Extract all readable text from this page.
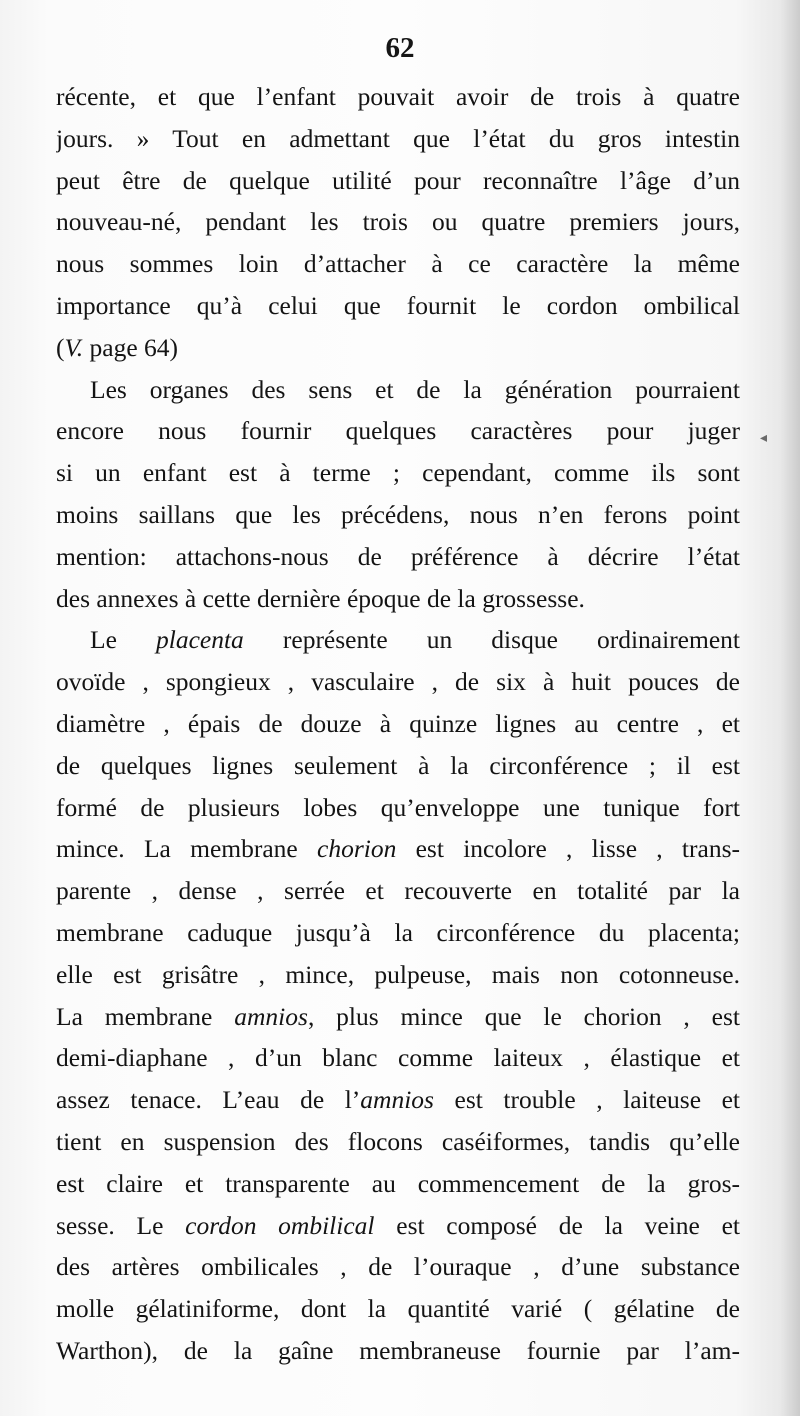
62
◂
récente, et que l’enfant pouvait avoir de trois à quatre
jours. » Tout en admettant que l’état du gros intestin
peut être de quelque utilité pour reconnaître l’âge d’un
nouveau-né, pendant les trois ou quatre premiers jours,
nous sommes loin d’attacher à ce caractère la même
importance qu’à celui que fournit le cordon ombilical
(V. page 64)
Les organes des sens et de la génération pourraient
encore nous fournir quelques caractères pour juger
si un enfant est à terme ; cependant, comme ils sont
moins saillans que les précédens, nous n’en ferons point
mention: attachons-nous de préférence à décrire l’état
des annexes à cette dernière époque de la grossesse.
Le placenta représente un disque ordinairement
ovoïde , spongieux , vasculaire , de six à huit pouces de
diamètre , épais de douze à quinze lignes au centre , et
de quelques lignes seulement à la circonférence ; il est
formé de plusieurs lobes qu’enveloppe une tunique fort
mince. La membrane chorion est incolore , lisse , trans-
parente , dense , serrée et recouverte en totalité par la
membrane caduque jusqu’à la circonférence du placenta;
elle est grisâtre , mince, pulpeuse, mais non cotonneuse.
La membrane amnios, plus mince que le chorion , est
demi-diaphane , d’un blanc comme laiteux , élastique et
assez tenace. L’eau de l’amnios est trouble , laiteuse et
tient en suspension des flocons caséiformes, tandis qu’elle
est claire et transparente au commencement de la gros-
sesse. Le cordon ombilical est composé de la veine et
des artères ombilicales , de l’ouraque , d’une substance
molle gélatiniforme, dont la quantité varié ( gélatine de
Warthon), de la gaîne membraneuse fournie par l’am-
